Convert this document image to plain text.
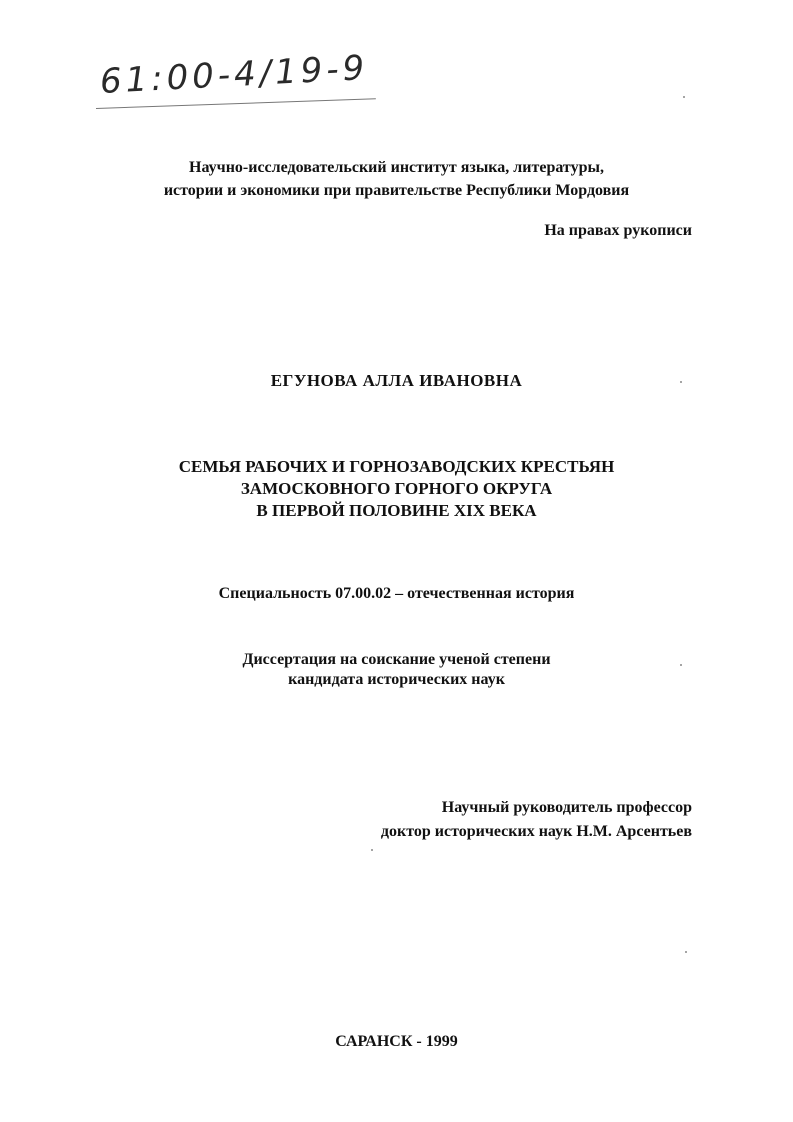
61:00-4/19-9
Научно-исследовательский институт языка, литературы,
истории и экономики при правительстве Республики Мордовия
На правах рукописи
ЕГУНОВА АЛЛА ИВАНОВНА
СЕМЬЯ РАБОЧИХ И ГОРНОЗАВОДСКИХ КРЕСТЬЯН
ЗАМОСКОВНОГО ГОРНОГО ОКРУГА
В ПЕРВОЙ ПОЛОВИНЕ XIX ВЕКА
Специальность 07.00.02 – отечественная история
Диссертация на соискание ученой степени
кандидата исторических наук
Научный руководитель профессор
доктор исторических наук Н.М. Арсентьев
САРАНСК - 1999
